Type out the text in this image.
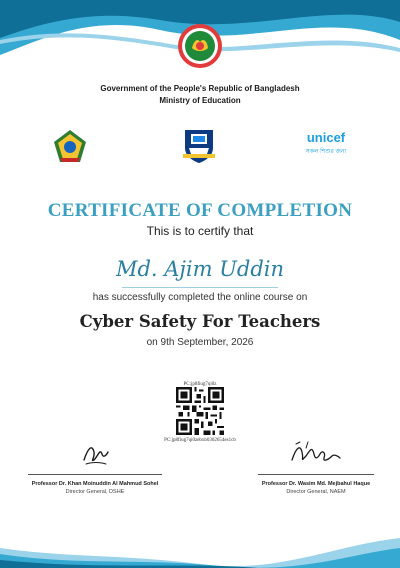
Government of the People's Republic of Bangladesh
Ministry of Education
unicef
সকল শিশুর জন্য
CERTIFICATE OF COMPLETION
This is to certify that
Md. Ajim Uddin
has successfully completed the online course on
Cyber Safety For Teachers
on 9th September, 2026
PC:jp8fiug7qi0z
PC:jp8fiug7qi0zebxb0302654es1cb
Professor Dr. Khan Moinuddin Al Mahmud Sohel
Director General, DSHE
Professor Dr. Wasim Md. Mejbahul Haque
Director General, NAEM
